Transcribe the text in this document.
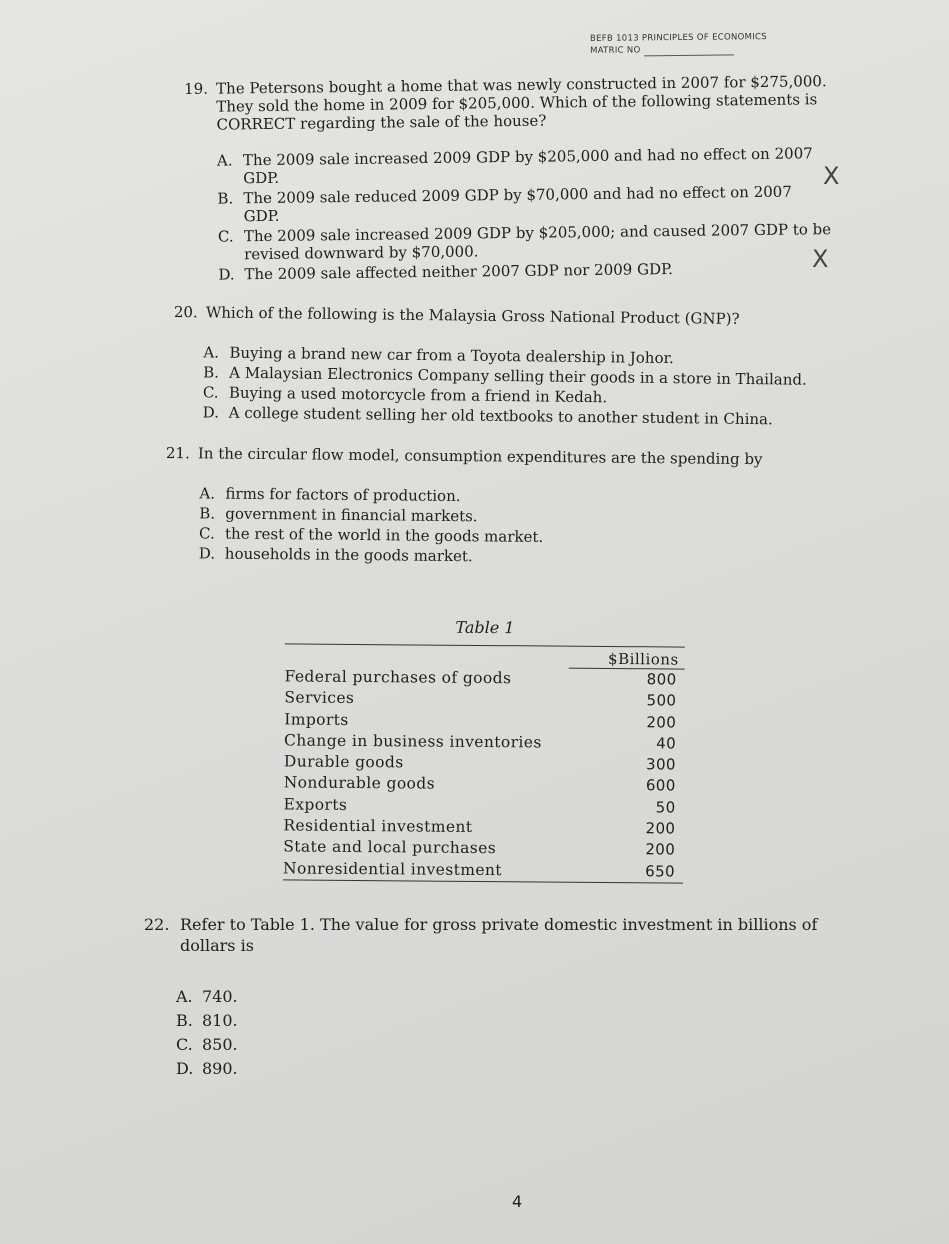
BEFB 1013 PRINCIPLES OF ECONOMICS
MATRIC NO
19. The Petersons bought a home that was newly constructed in 2007 for $275,000.
They sold the home in 2009 for $205,000. Which of the following statements is
CORRECT regarding the sale of the house?
A. The 2009 sale increased 2009 GDP by $205,000 and had no effect on 2007
GDP.
B. The 2009 sale reduced 2009 GDP by $70,000 and had no effect on 2007
GDP.
C. The 2009 sale increased 2009 GDP by $205,000; and caused 2007 GDP to be
revised downward by $70,000.
D. The 2009 sale affected neither 2007 GDP nor 2009 GDP.
X
X
20. Which of the following is the Malaysia Gross National Product (GNP)?
A. Buying a brand new car from a Toyota dealership in Johor.
B. A Malaysian Electronics Company selling their goods in a store in Thailand.
C. Buying a used motorcycle from a friend in Kedah.
D. A college student selling her old textbooks to another student in China.
21. In the circular flow model, consumption expenditures are the spending by
A. firms for factors of production.
B. government in financial markets.
C. the rest of the world in the goods market.
D. households in the goods market.
Table 1
$Billions
Federal purchases of goods	800
Services	500
Imports	200
Change in business inventories	40
Durable goods	300
Nondurable goods	600
Exports	50
Residential investment	200
State and local purchases	200
Nonresidential investment	650
22. Refer to Table 1. The value for gross private domestic investment in billions of
dollars is
A. 740.
B. 810.
C. 850.
D. 890.
4
